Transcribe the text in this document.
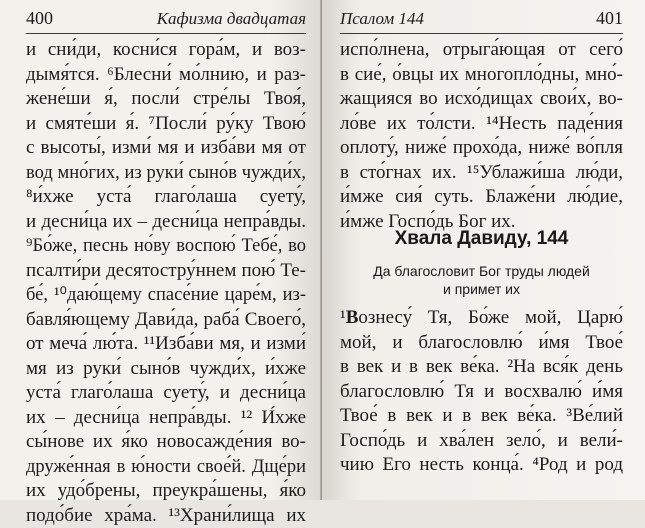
400	Кафизма двадцатая
и сни́ди, косни́ся гора́м, и воз-
дымя́тся. ⁶Блесни́ мо́лнию, и раз-
жене́ши я́, посли́ стре́лы Твоя́,
и смяте́ши я́. ⁷Посли́ ру́ку Твою́
с высоты́, изми́ мя и изба́ви мя от
вод мно́гих, из руки́ сыно́в чужди́х,
⁸и́хже уста́ глаго́лаша суету́,
и десни́ца их – десни́ца непра́вды.
⁹Бо́же, песнь но́ву воспою́ Тебе́, во
псалти́ри десятостру́ннем пою́ Те-
бе́, ¹⁰даю́щему спасе́ние царе́м, из-
бавля́ющему Дави́да, раба́ Своего́,
от меча́ лю́та. ¹¹Изба́ви мя, и изми́
мя из руки́ сыно́в чужди́х, и́хже
уста́ глаго́лаша суету́, и десни́ца
их – десни́ца непра́вды. ¹² И́хже
сы́нове их я́ко новосажде́ния во-
друже́нная в ю́ности свое́й. Дще́ри
их удо́брены, преукра́шены, я́ко
подо́бие хра́ма. ¹³Храни́лища их
Псалом 144	401
испо́лнена, отрыга́ющая от сего́
в сие́, о́вцы их многопло́дны, мно́-
жащияся во исхо́дищах свои́х, во-
ло́ве их то́лсти. ¹⁴Несть паде́ния
оплоту́, ниже́ прохо́да, ниже́ во́пля
в сто́гнах их. ¹⁵Ублажи́ша лю́ди,
и́мже сия́ суть. Блаже́ни лю́дие,
и́мже Госпо́дь Бог их.
Хвала Давиду, 144
Да благословит Бог труды людей
и примет их
¹Вознесу́ Тя, Бо́же мой, Царю́
мой, и благословлю́ и́мя Твое́
в век и в век ве́ка. ²На вся́к день
благословлю́ Тя и восхвалю́ и́мя
Твое́ в век и в век ве́ка. ³Ве́лий
Госпо́дь и хва́лен зело́, и вели́-
чию Его несть конца́. ⁴Род и род
